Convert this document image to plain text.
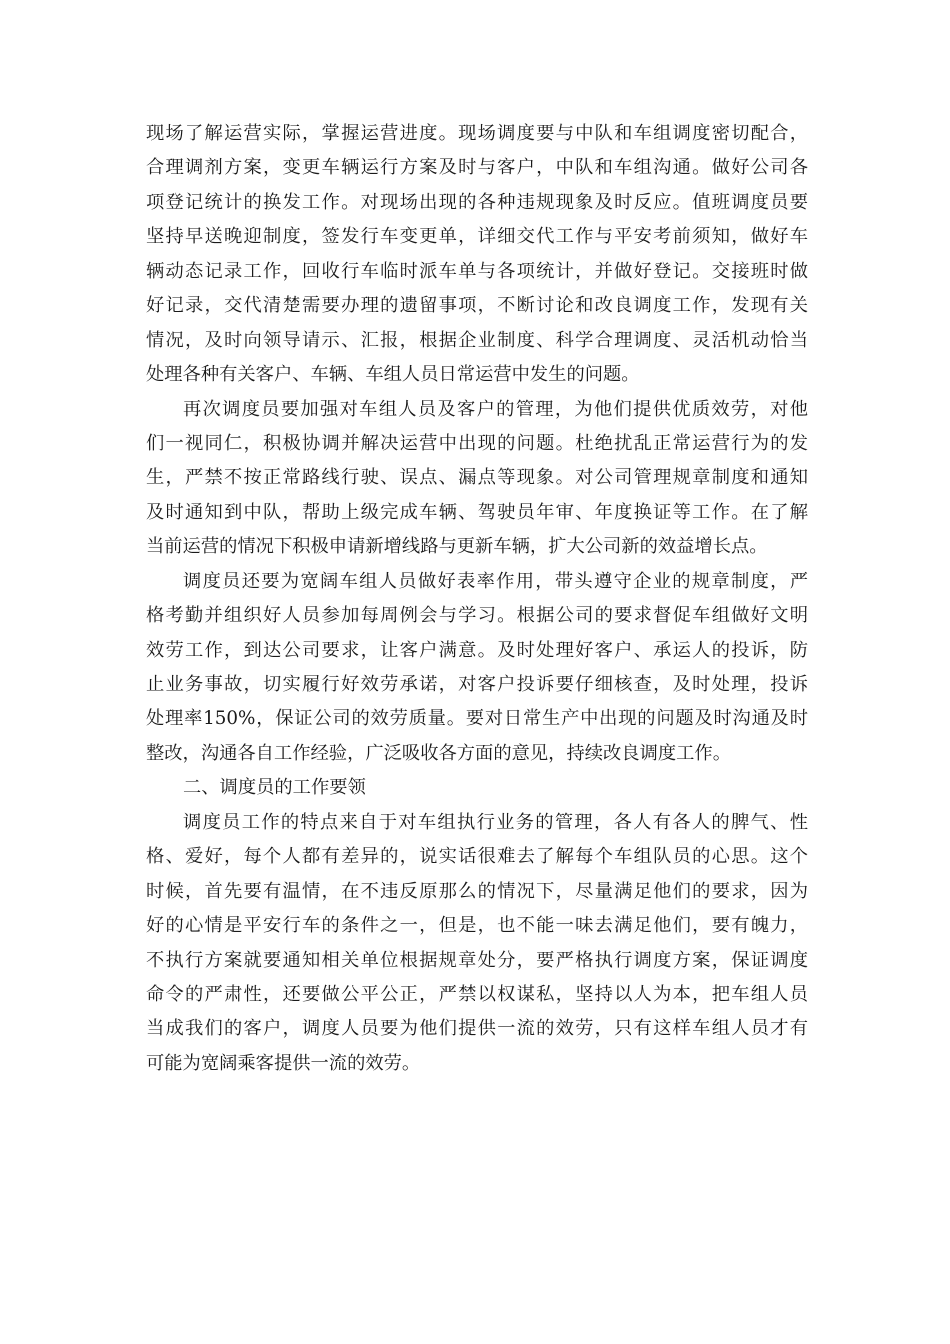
现场了解运营实际，掌握运营进度。现场调度要与中队和车组调度密切配合，
合理调剂方案，变更车辆运行方案及时与客户，中队和车组沟通。做好公司各
项登记统计的换发工作。对现场出现的各种违规现象及时反应。值班调度员要
坚持早送晚迎制度，签发行车变更单，详细交代工作与平安考前须知，做好车
辆动态记录工作，回收行车临时派车单与各项统计，并做好登记。交接班时做
好记录，交代清楚需要办理的遗留事项，不断讨论和改良调度工作，发现有关
情况，及时向领导请示、汇报，根据企业制度、科学合理调度、灵活机动恰当
处理各种有关客户、车辆、车组人员日常运营中发生的问题。
再次调度员要加强对车组人员及客户的管理，为他们提供优质效劳，对他
们一视同仁，积极协调并解决运营中出现的问题。杜绝扰乱正常运营行为的发
生，严禁不按正常路线行驶、误点、漏点等现象。对公司管理规章制度和通知
及时通知到中队，帮助上级完成车辆、驾驶员年审、年度换证等工作。在了解
当前运营的情况下积极申请新增线路与更新车辆，扩大公司新的效益增长点。
调度员还要为宽阔车组人员做好表率作用，带头遵守企业的规章制度，严
格考勤并组织好人员参加每周例会与学习。根据公司的要求督促车组做好文明
效劳工作，到达公司要求，让客户满意。及时处理好客户、承运人的投诉，防
止业务事故，切实履行好效劳承诺，对客户投诉要仔细核查，及时处理，投诉
处理率150%，保证公司的效劳质量。要对日常生产中出现的问题及时沟通及时
整改，沟通各自工作经验，广泛吸收各方面的意见，持续改良调度工作。
二、调度员的工作要领
调度员工作的特点来自于对车组执行业务的管理，各人有各人的脾气、性
格、爱好，每个人都有差异的，说实话很难去了解每个车组队员的心思。这个
时候，首先要有温情，在不违反原那么的情况下，尽量满足他们的要求，因为
好的心情是平安行车的条件之一，但是，也不能一味去满足他们，要有魄力，
不执行方案就要通知相关单位根据规章处分，要严格执行调度方案，保证调度
命令的严肃性，还要做公平公正，严禁以权谋私，坚持以人为本，把车组人员
当成我们的客户，调度人员要为他们提供一流的效劳，只有这样车组人员才有
可能为宽阔乘客提供一流的效劳。
